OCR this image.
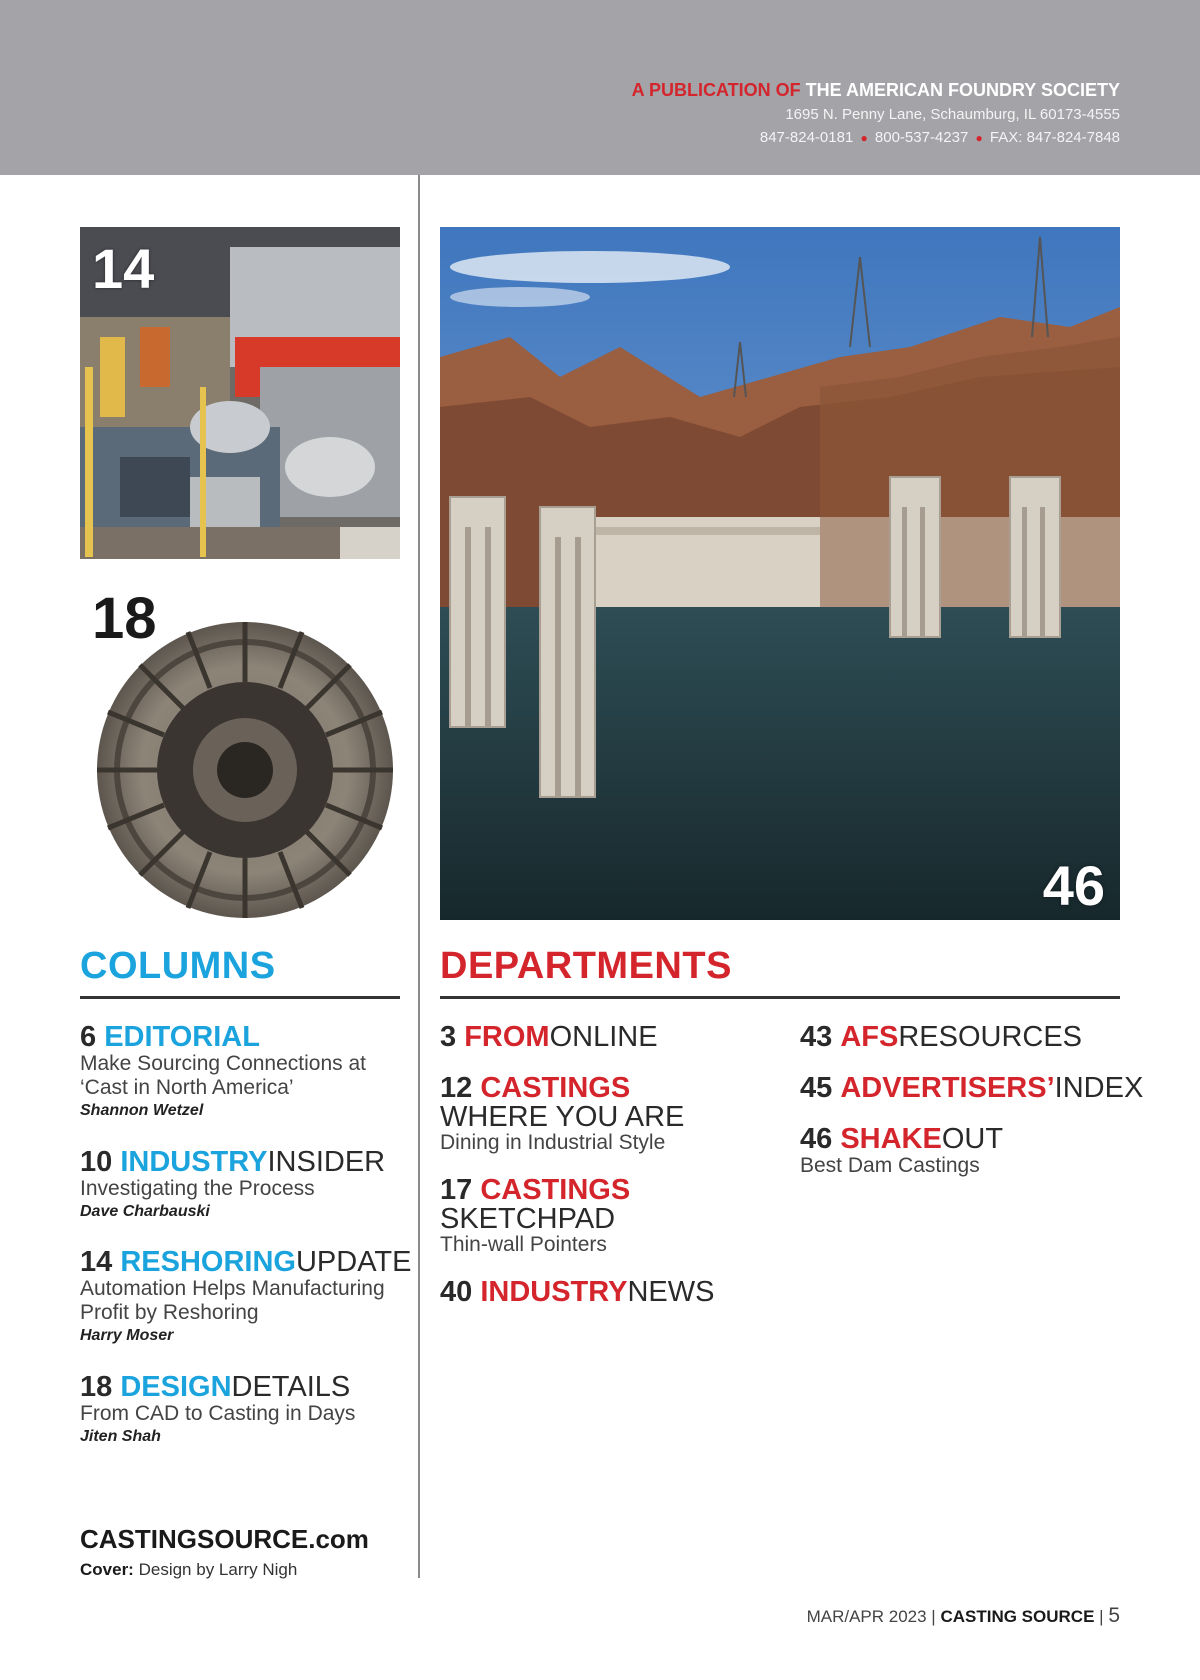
A PUBLICATION OF THE AMERICAN FOUNDRY SOCIETY
1695 N. Penny Lane, Schaumburg, IL 60173-4555
847-824-0181 ● 800-537-4237 ● FAX: 847-824-7848
14
18
46
COLUMNS	DEPARTMENTS
6 EDITORIAL
Make Sourcing Connections at
‘Cast in North America’
Shannon Wetzel
10 INDUSTRYINSIDER
Investigating the Process
Dave Charbauski
14 RESHORINGUPDATE
Automation Helps Manufacturing
Profit by Reshoring
Harry Moser
18 DESIGNDETAILS
From CAD to Casting in Days
Jiten Shah
3 FROMONLINE
12 CASTINGS
WHERE YOU ARE
Dining in Industrial Style
17 CASTINGS
SKETCHPAD
Thin-wall Pointers
40 INDUSTRYNEWS
43 AFSRESOURCES
45 ADVERTISERS’INDEX
46 SHAKEOUT
Best Dam Castings
CASTINGSOURCE.com
Cover: Design by Larry Nigh
MAR/APR 2023 | CASTING SOURCE | 5
